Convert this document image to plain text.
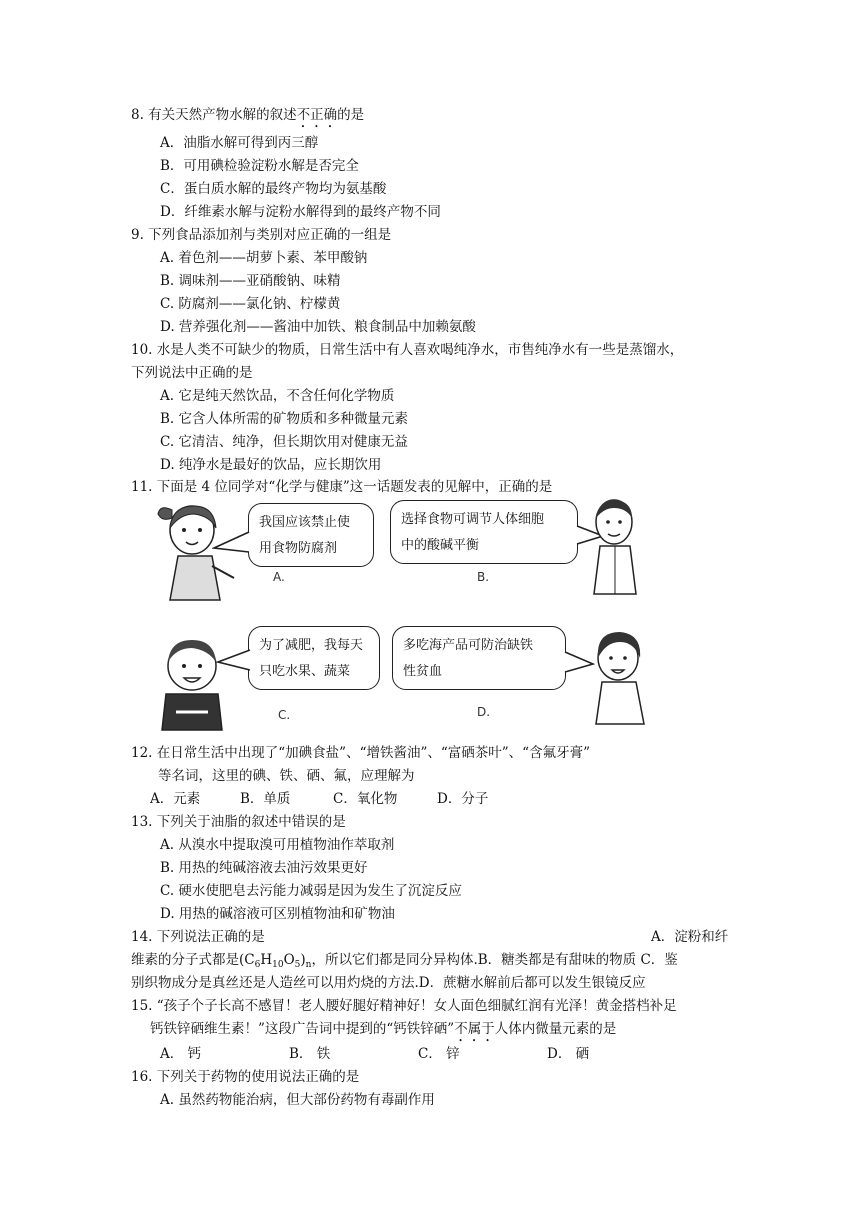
8. 有关天然产物水解的叙述不正确的是
A．油脂水解可得到丙三醇
B．可用碘检验淀粉水解是否完全
C．蛋白质水解的最终产物均为氨基酸
D．纤维素水解与淀粉水解得到的最终产物不同
9. 下列食品添加剂与类别对应正确的一组是
A. 着色剂——胡萝卜素、苯甲酸钠
B. 调味剂——亚硝酸钠、味精
C. 防腐剂——氯化钠、柠檬黄
D. 营养强化剂——酱油中加铁、粮食制品中加赖氨酸
10. 水是人类不可缺少的物质，日常生活中有人喜欢喝纯净水，市售纯净水有一些是蒸馏水，
下列说法中正确的是
A. 它是纯天然饮品，不含任何化学物质
B. 它含人体所需的矿物质和多种微量元素
C. 它清洁、纯净，但长期饮用对健康无益
D. 纯净水是最好的饮品，应长期饮用
11. 下面是 4 位同学对“化学与健康”这一话题发表的见解中，正确的是
我国应该禁止使
用食物防腐剂
A.
选择食物可调节人体细胞
中的酸碱平衡
B.
为了减肥，我每天
只吃水果、蔬菜
C.
多吃海产品可防治缺铁
性贫血
D.
12. 在日常生活中出现了“加碘食盐”、“增铁酱油”、“富硒茶叶”、“含氟牙膏”
等名词，这里的碘、铁、硒、氟，应理解为
A．元素	B．单质	C．氧化物	D．分子
13. 下列关于油脂的叙述中错误的是
A. 从溴水中提取溴可用植物油作萃取剂
B. 用热的纯碱溶液去油污效果更好
C. 硬水使肥皂去污能力减弱是因为发生了沉淀反应
D. 用热的碱溶液可区别植物油和矿物油
14. 下列说法正确的是	A．淀粉和纤
维素的分子式都是$(C_6H_{10}O_5)_n$，所以它们都是同分异构体.B．糖类都是有甜味的物质 C．鉴
别织物成分是真丝还是人造丝可以用灼烧的方法.D．蔗糖水解前后都可以发生银镜反应
15. “孩子个子长高不感冒！老人腰好腿好精神好！女人面色细腻红润有光泽！黄金搭档补足
钙铁锌硒维生素！”这段广告词中提到的“钙铁锌硒”不属于人体内微量元素的是
A． 钙	B． 铁	C． 锌	D． 硒
16. 下列关于药物的使用说法正确的是
A. 虽然药物能治病，但大部份药物有毒副作用
